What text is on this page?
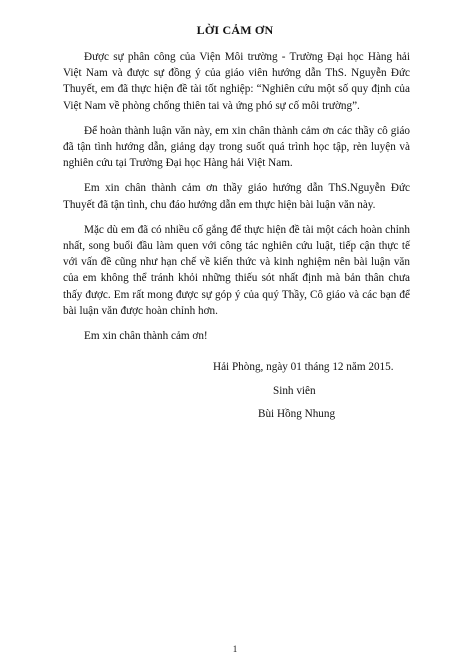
LỜI CẢM ƠN

Được sự phân công của Viện Môi trường - Trường Đại học Hàng hải Việt Nam và được sự đồng ý của giáo viên hướng dẫn ThS. Nguyễn Đức Thuyết, em đã thực hiện đề tài tốt nghiệp: “Nghiên cứu một số quy định của Việt Nam về phòng chống thiên tai và ứng phó sự cố môi trường”.

Để hoàn thành luận văn này, em xin chân thành cảm ơn các thầy cô giáo đã tận tình hướng dẫn, giảng dạy trong suốt quá trình học tập, rèn luyện và nghiên cứu tại Trường Đại học Hàng hải Việt Nam.

Em xin chân thành cảm ơn thầy giáo hướng dẫn ThS.Nguyễn Đức Thuyết đã tận tình, chu đáo hướng dẫn em thực hiện bài luận văn này.

Mặc dù em đã có nhiều cố gắng để thực hiện đề tài một cách hoàn chỉnh nhất, song buổi đầu làm quen với công tác nghiên cứu luật, tiếp cận thực tế với vấn đề cũng như hạn chế về kiến thức và kinh nghiệm nên bài luận văn của em không thể tránh khỏi những thiếu sót nhất định mà bản thân chưa thấy được. Em rất mong được sự góp ý của quý Thầy, Cô giáo và các bạn để bài luận văn được hoàn chỉnh hơn.

Em xin chân thành cảm ơn!

Hải Phòng, ngày 01 tháng 12 năm 2015.
Sinh viên
Bùi Hồng Nhung
1
